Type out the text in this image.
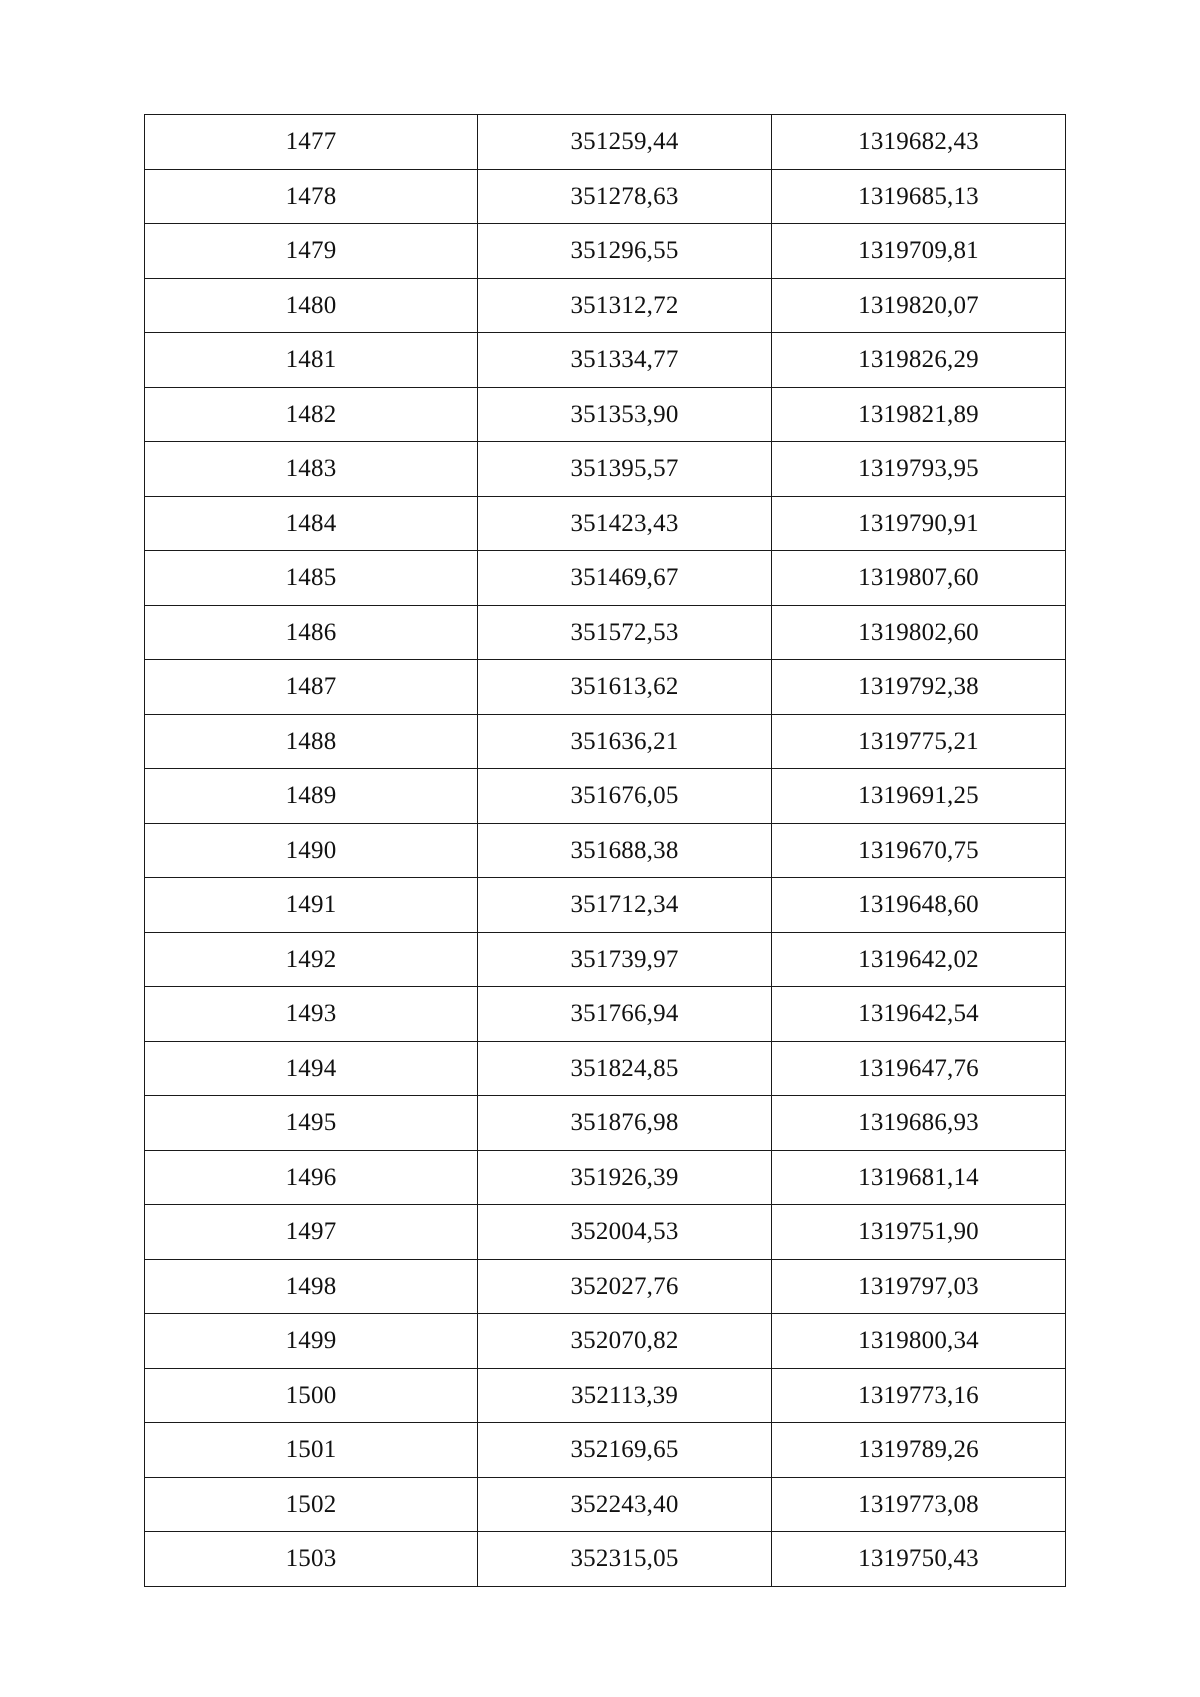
1477	351259,44	1319682,43
1478	351278,63	1319685,13
1479	351296,55	1319709,81
1480	351312,72	1319820,07
1481	351334,77	1319826,29
1482	351353,90	1319821,89
1483	351395,57	1319793,95
1484	351423,43	1319790,91
1485	351469,67	1319807,60
1486	351572,53	1319802,60
1487	351613,62	1319792,38
1488	351636,21	1319775,21
1489	351676,05	1319691,25
1490	351688,38	1319670,75
1491	351712,34	1319648,60
1492	351739,97	1319642,02
1493	351766,94	1319642,54
1494	351824,85	1319647,76
1495	351876,98	1319686,93
1496	351926,39	1319681,14
1497	352004,53	1319751,90
1498	352027,76	1319797,03
1499	352070,82	1319800,34
1500	352113,39	1319773,16
1501	352169,65	1319789,26
1502	352243,40	1319773,08
1503	352315,05	1319750,43
